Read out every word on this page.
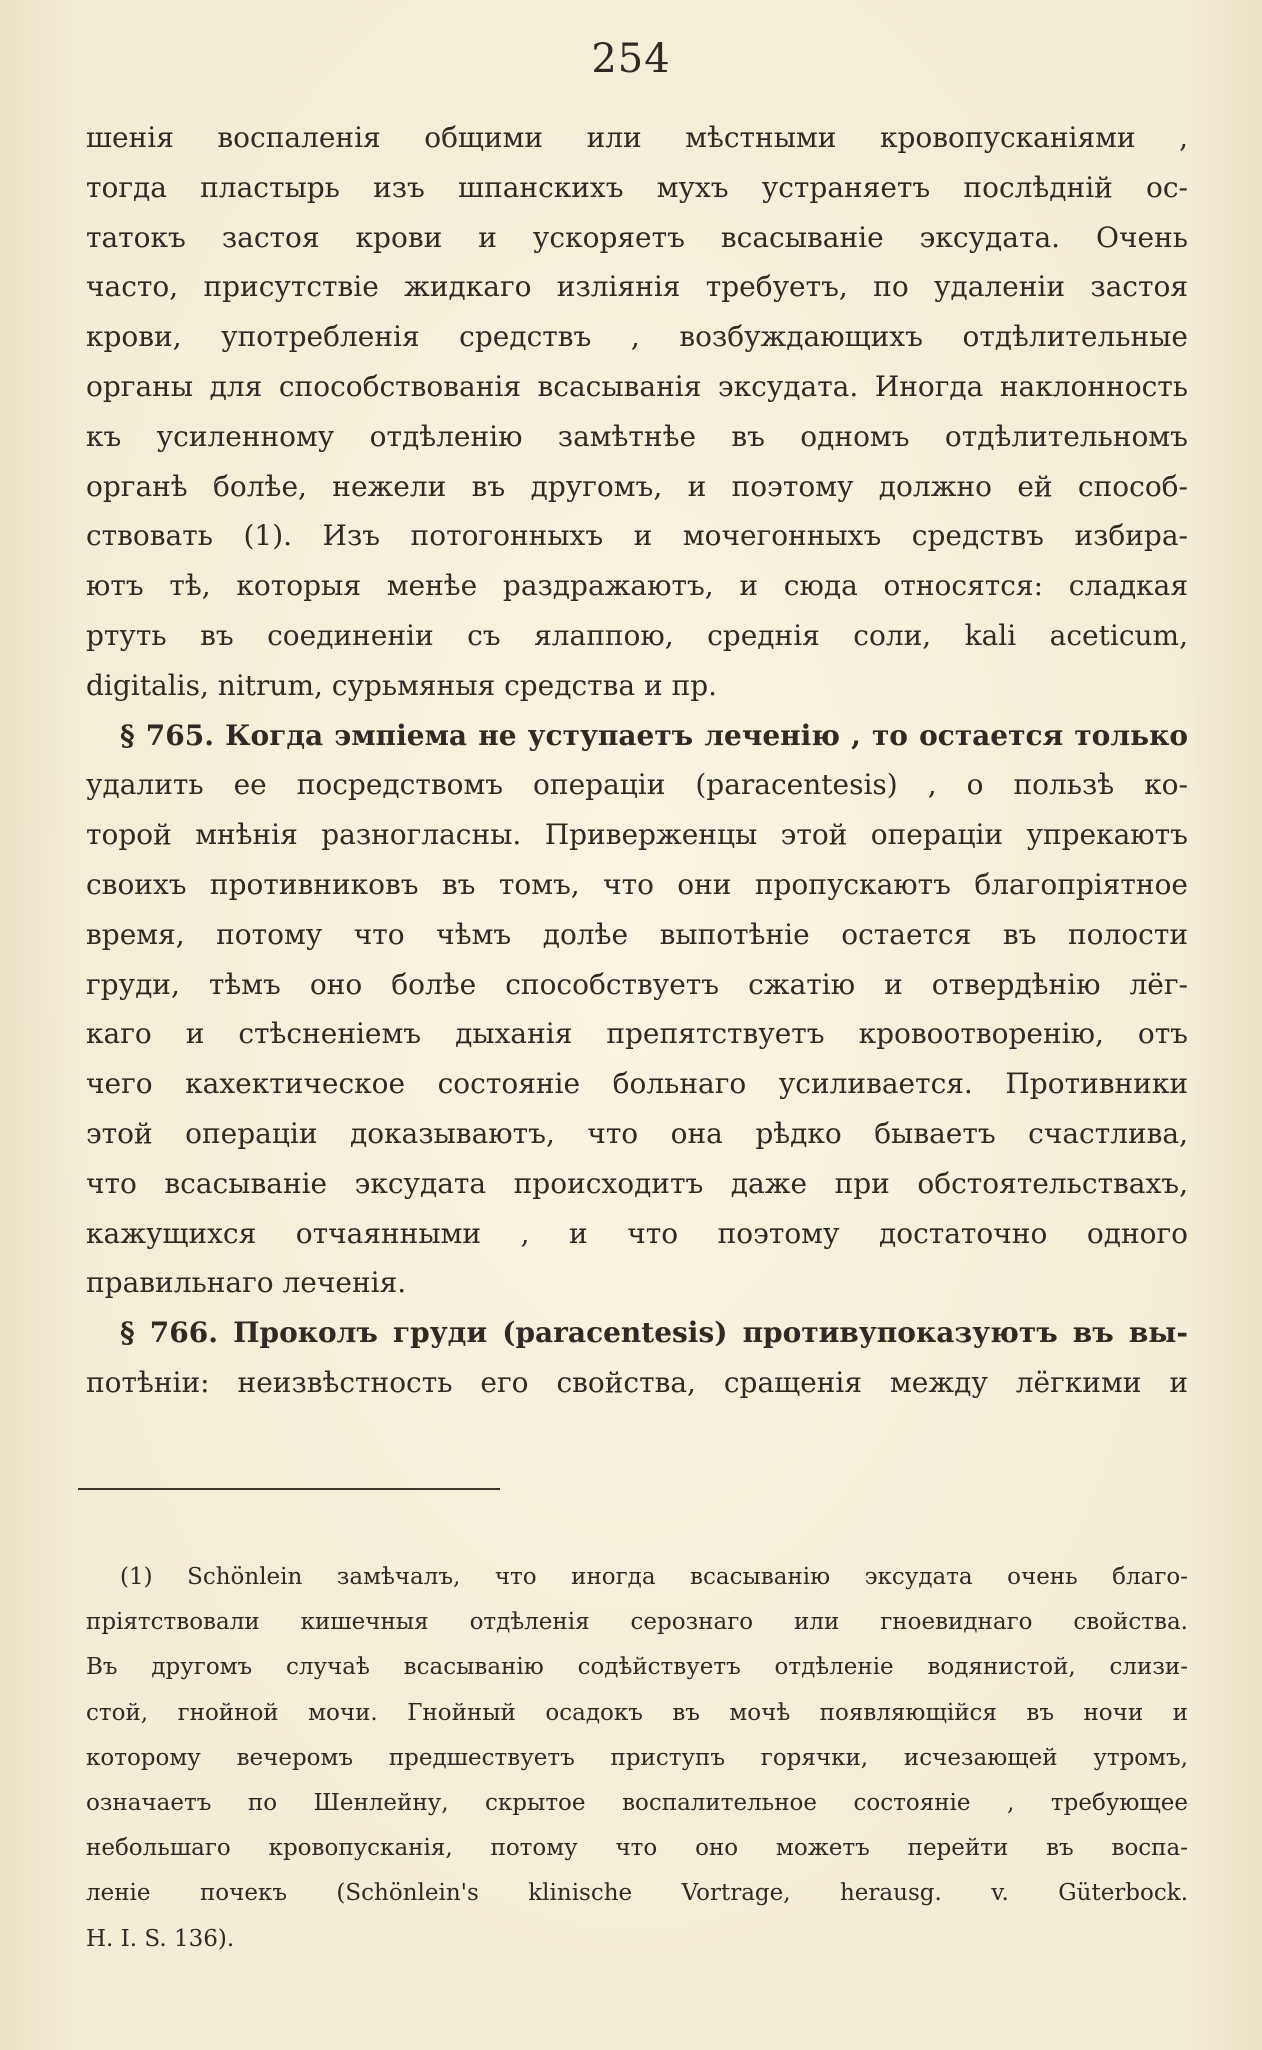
254
шенія воспаленія общими или мѣстными кровопусканіями ,
тогда пластырь изъ шпанскихъ мухъ устраняетъ послѣдній ос-
татокъ застоя крови и ускоряетъ всасываніе эксудата. Очень
часто, присутствіе жидкаго изліянія требуетъ, по удаленіи застоя
крови, употребленія средствъ , возбуждающихъ отдѣлительные
органы для способствованія всасыванія эксудата. Иногда наклонность
къ усиленному отдѣленію замѣтнѣе въ одномъ отдѣлительномъ
органѣ болѣе, нежели въ другомъ, и поэтому должно ей способ-
ствовать (1). Изъ потогонныхъ и мочегонныхъ средствъ избира-
ютъ тѣ, которыя менѣе раздражаютъ, и сюда относятся: сладкая
ртуть въ соединеніи съ ялаппою, среднія соли, kali aceticum,
digitalis, nitrum, сурьмяныя средства и пр.
§ 765. Когда эмпіема не уступаетъ леченію , то остается только
удалить ее посредствомъ операціи (paracentesis) , о пользѣ ко-
торой мнѣнія разногласны. Приверженцы этой операціи упрекаютъ
своихъ противниковъ въ томъ, что они пропускаютъ благопріятное
время, потому что чѣмъ долѣе выпотѣніе остается въ полости
груди, тѣмъ оно болѣе способствуетъ сжатію и отвердѣнію лёг-
каго и стѣсненіемъ дыханія препятствуетъ кровоотворенію, отъ
чего кахектическое состояніе больнаго усиливается. Противники
этой операціи доказываютъ, что она рѣдко бываетъ счастлива,
что всасываніе эксудата происходитъ даже при обстоятельствахъ,
кажущихся отчаянными , и что поэтому достаточно одного
правильнаго леченія.
§ 766. Проколъ груди (paracentesis) противупоказуютъ въ вы-
потѣніи: неизвѣстность его свойства, сращенія между лёгкими и
(1) Schönlein замѣчалъ, что иногда всасыванію эксудата очень благо-
пріятствовали кишечныя отдѣленія сeрознаго или гноевиднаго свойства.
Въ другомъ случаѣ всасыванію содѣйствуетъ отдѣленіе водянистой, слизи-
стой, гнойной мочи. Гнойный осадокъ въ мочѣ появляющійся въ ночи и
которому вечеромъ предшествуетъ приступъ горячки, исчезающей утромъ,
означаетъ по Шенлейну, скрытое воспалительное состояніе , требующее
небольшаго кровопусканія, потому что оно можетъ перейти въ воспа-
леніе почекъ (Schönlein's klinische Vortrage, herausg. v. Güterbock.
H. I. S. 136).
